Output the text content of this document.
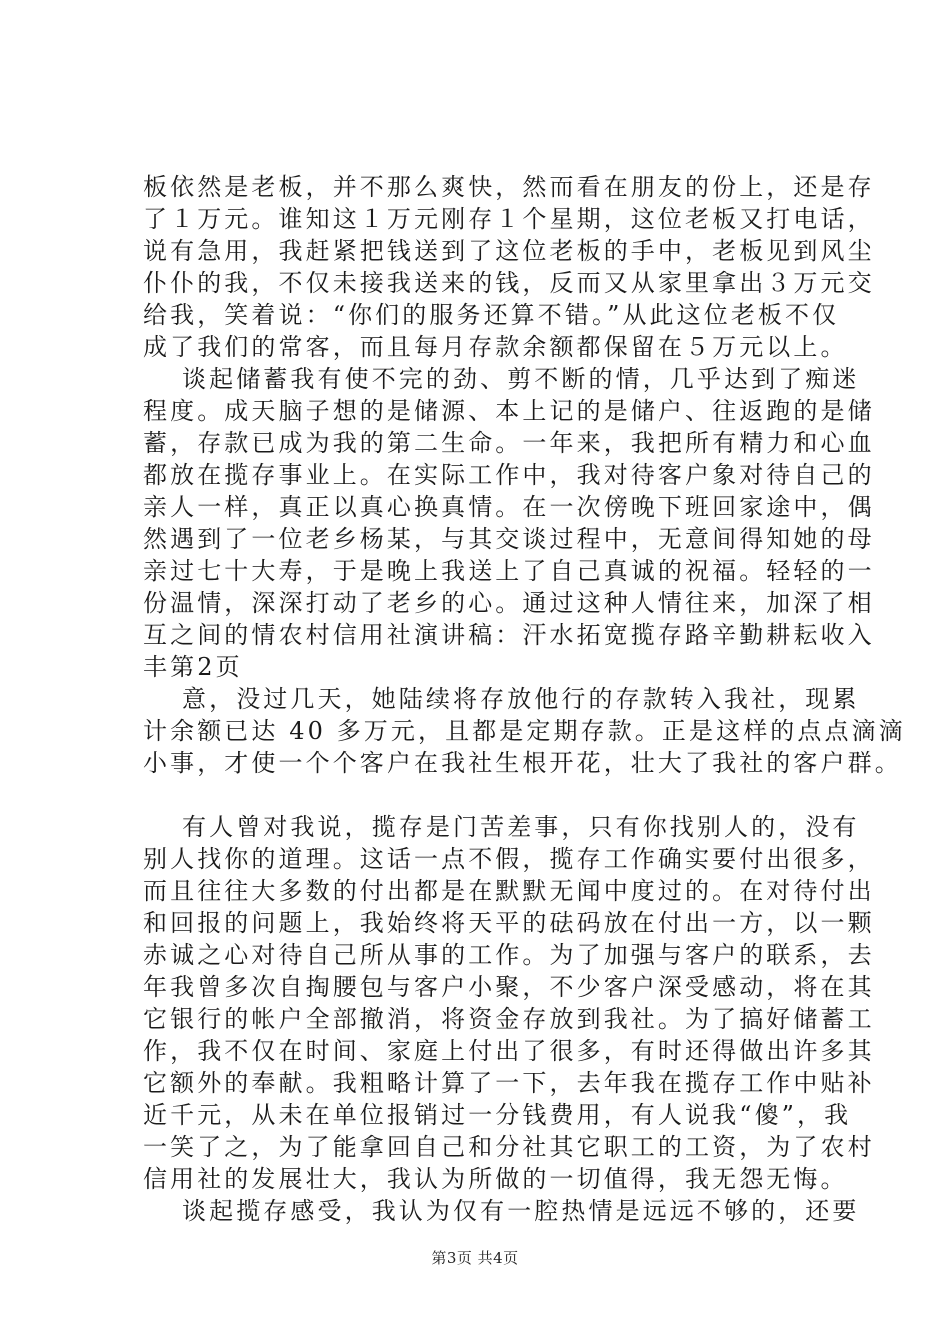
板依然是老板，并不那么爽快，然而看在朋友的份上，还是存
了１万元。谁知这１万元刚存１个星期，这位老板又打电话，
说有急用，我赶紧把钱送到了这位老板的手中，老板见到风尘
仆仆的我，不仅未接我送来的钱，反而又从家里拿出３万元交
给我，笑着说：“你们的服务还算不错。”从此这位老板不仅
成了我们的常客，而且每月存款余额都保留在５万元以上。
谈起储蓄我有使不完的劲、剪不断的情，几乎达到了痴迷
程度。成天脑子想的是储源、本上记的是储户、往返跑的是储
蓄，存款已成为我的第二生命。一年来，我把所有精力和心血
都放在揽存事业上。在实际工作中，我对待客户象对待自己的
亲人一样，真正以真心换真情。在一次傍晚下班回家途中，偶
然遇到了一位老乡杨某，与其交谈过程中，无意间得知她的母
亲过七十大寿，于是晚上我送上了自己真诚的祝福。轻轻的一
份温情，深深打动了老乡的心。通过这种人情往来，加深了相
互之间的情农村信用社演讲稿：汗水拓宽揽存路辛勤耕耘收入
丰第2页
意，没过几天，她陆续将存放他行的存款转入我社，现累
计余额已达 40 多万元，且都是定期存款。正是这样的点点滴滴
小事，才使一个个客户在我社生根开花，壮大了我社的客户群。
有人曾对我说，揽存是门苦差事，只有你找别人的，没有
别人找你的道理。这话一点不假，揽存工作确实要付出很多，
而且往往大多数的付出都是在默默无闻中度过的。在对待付出
和回报的问题上，我始终将天平的砝码放在付出一方，以一颗
赤诚之心对待自己所从事的工作。为了加强与客户的联系，去
年我曾多次自掏腰包与客户小聚，不少客户深受感动，将在其
它银行的帐户全部撤消，将资金存放到我社。为了搞好储蓄工
作，我不仅在时间、家庭上付出了很多，有时还得做出许多其
它额外的奉献。我粗略计算了一下，去年我在揽存工作中贴补
近千元，从未在单位报销过一分钱费用，有人说我“傻”，我
一笑了之，为了能拿回自己和分社其它职工的工资，为了农村
信用社的发展壮大，我认为所做的一切值得，我无怨无悔。
谈起揽存感受，我认为仅有一腔热情是远远不够的，还要
第3页 共4页
